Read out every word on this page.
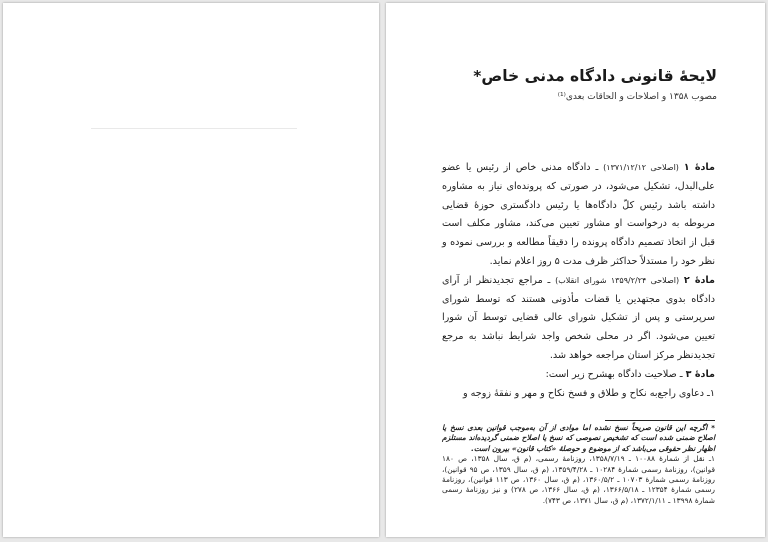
لایحهٔ قانونی دادگاه مدنی خاص*
مصوب ۱۳۵۸ و اصلاحات و الحاقات بعدی⁽¹⁾

مادهٔ ۱ (اصلاحی ۱۳۷۱/۱۲/۱۲) ـ دادگاه مدنی خاص از رئیس یا عضو علی‌البدل، تشکیل می‌شود، در صورتی که پرونده‌ای نیاز به مشاوره داشته باشد رئیس کلّ دادگاه‌ها یا رئیس دادگستری حوزهٔ قضایی مربوطه به درخواست او مشاور تعیین می‌کند، مشاور مکلف است قبل از اتخاذ تصمیم دادگاه پرونده را دقیقاً مطالعه و بررسی نموده و نظر خود را مستدلاً حداکثر ظرف مدت ۵ روز اعلام نماید.

مادهٔ ۲ (اصلاحی ۱۳۵۹/۲/۲۴ شورای انقلاب) ـ مراجع تجدیدنظر از آرای دادگاه بدوی مجتهدین یا قضات مأذونی هستند که توسط شورای سرپرستی و پس از تشکیل شورای عالی قضایی توسط آن شورا تعیین می‌شود. اگر در محلی شخص واجد شرایط نباشد به مرجع تجدیدنظر مرکز استان مراجعه خواهد شد.

مادهٔ ۳ ـ صلاحیت دادگاه بهشرح زیر است:

۱ـ دعاوی راجع‌به نکاح و طلاق و فسخ نکاح و مهر و نفقهٔ زوجه و

* اگرچه این قانون صریحاً نسخ نشده اما موادی از آن به‌موجب قوانین بعدی نسخ یا اصلاح ضمنی شده است که تشخیص نصوصی که نسخ یا اصلاح ضمنی گردیده‌اند مستلزم اظهار نظر حقوقی می‌باشد که از موضوع و حوصلهٔ «کتاب قانون» بیرون است.

۱ـ نقل از شمارهٔ ۱۰۰۸۸ ـ ۱۳۵۸/۷/۱۹، روزنامهٔ رسمی، (م ق، سال ۱۳۵۸، ص ۱۸۰ قوانین)، روزنامهٔ رسمی شمارهٔ ۱۰۲۸۴ ـ ۱۳۵۹/۴/۲۸، (م ق، سال ۱۳۵۹، ص ۹۵ قوانین)، روزنامهٔ رسمی شمارهٔ ۱۰۷۰۳ ـ ۱۳۶۰/۵/۲، (م ق، سال ۱۳۶۰، ص ۱۱۳ قوانین)، روزنامهٔ رسمی شمارهٔ ۱۲۳۵۴ ـ ۱۳۶۶/۵/۱۸، (م ق، سال ۱۳۶۶، ص ۲۷۸) و نیز روزنامهٔ رسمی شمارهٔ ۱۳۹۹۸ ـ ۱۳۷۲/۱/۱۱، (م ق، سال ۱۳۷۱، ص ۷۴۳).
